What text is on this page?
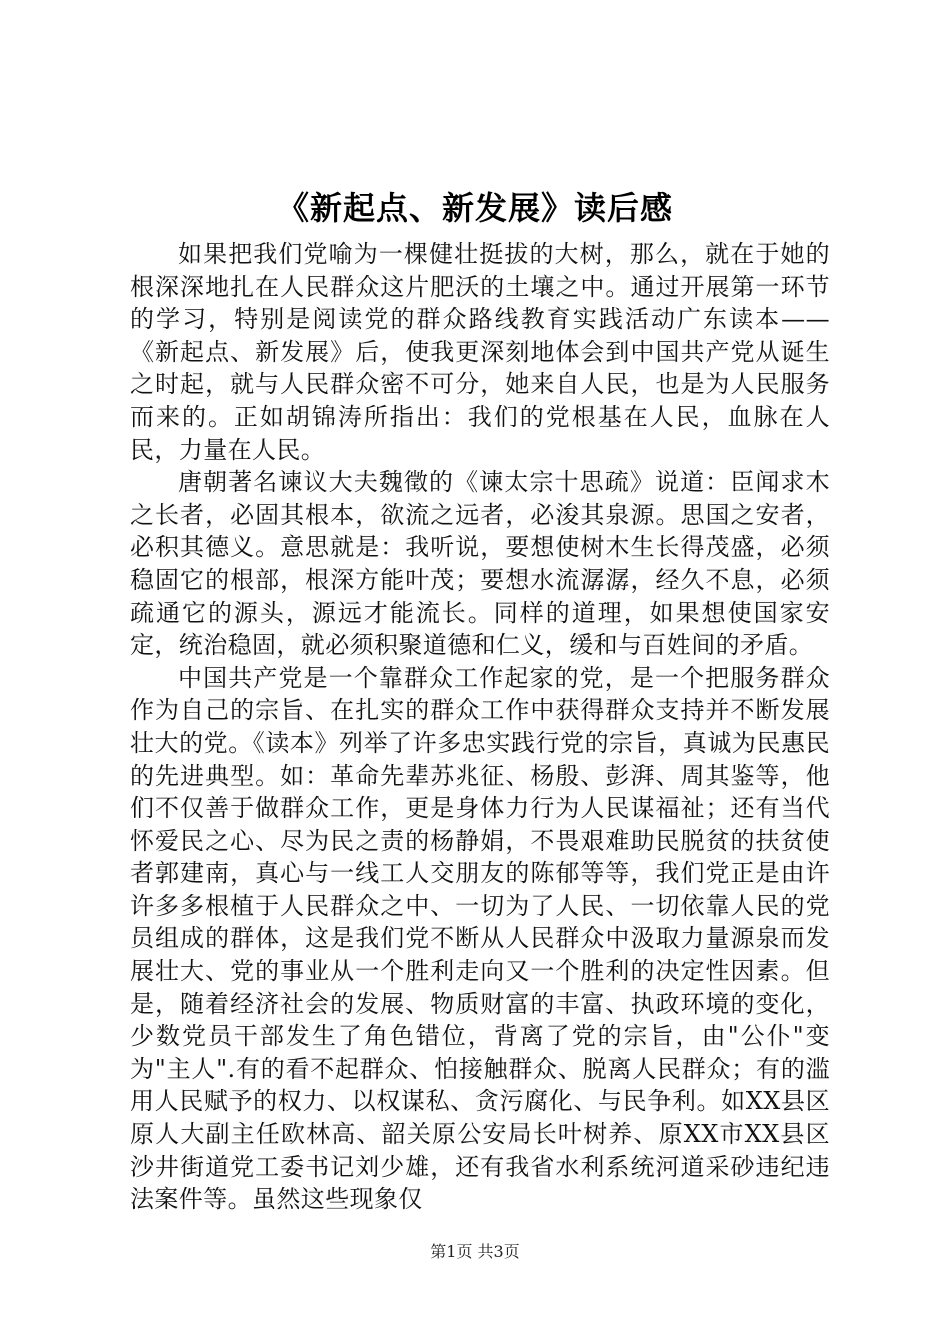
《新起点、新发展》读后感

如果把我们党喻为一棵健壮挺拔的大树，那么，就在于她的根深深地扎在人民群众这片肥沃的土壤之中。通过开展第一环节的学习，特别是阅读党的群众路线教育实践活动广东读本——《新起点、新发展》后，使我更深刻地体会到中国共产党从诞生之时起，就与人民群众密不可分，她来自人民，也是为人民服务而来的。正如胡锦涛所指出：我们的党根基在人民，血脉在人民，力量在人民。

唐朝著名谏议大夫魏徵的《谏太宗十思疏》说道：臣闻求木之长者，必固其根本，欲流之远者，必浚其泉源。思国之安者，必积其德义。意思就是：我听说，要想使树木生长得茂盛，必须稳固它的根部，根深方能叶茂；要想水流潺潺，经久不息，必须疏通它的源头，源远才能流长。同样的道理，如果想使国家安定，统治稳固，就必须积聚道德和仁义，缓和与百姓间的矛盾。

中国共产党是一个靠群众工作起家的党，是一个把服务群众作为自己的宗旨、在扎实的群众工作中获得群众支持并不断发展壮大的党。《读本》列举了许多忠实践行党的宗旨，真诚为民惠民的先进典型。如：革命先辈苏兆征、杨殷、彭湃、周其鉴等，他们不仅善于做群众工作，更是身体力行为人民谋福祉；还有当代怀爱民之心、尽为民之责的杨静娟，不畏艰难助民脱贫的扶贫使者郭建南，真心与一线工人交朋友的陈郁等等，我们党正是由许许多多根植于人民群众之中、一切为了人民、一切依靠人民的党员组成的群体，这是我们党不断从人民群众中汲取力量源泉而发展壮大、党的事业从一个胜利走向又一个胜利的决定性因素。但是，随着经济社会的发展、物质财富的丰富、执政环境的变化，少数党员干部发生了角色错位，背离了党的宗旨，由"公仆"变为"主人".有的看不起群众、怕接触群众、脱离人民群众；有的滥用人民赋予的权力、以权谋私、贪污腐化、与民争利。如XX县区原人大副主任欧林高、韶关原公安局长叶树养、原XX市XX县区沙井街道党工委书记刘少雄，还有我省水利系统河道采砂违纪违法案件等。虽然这些现象仅

第1页 共3页
